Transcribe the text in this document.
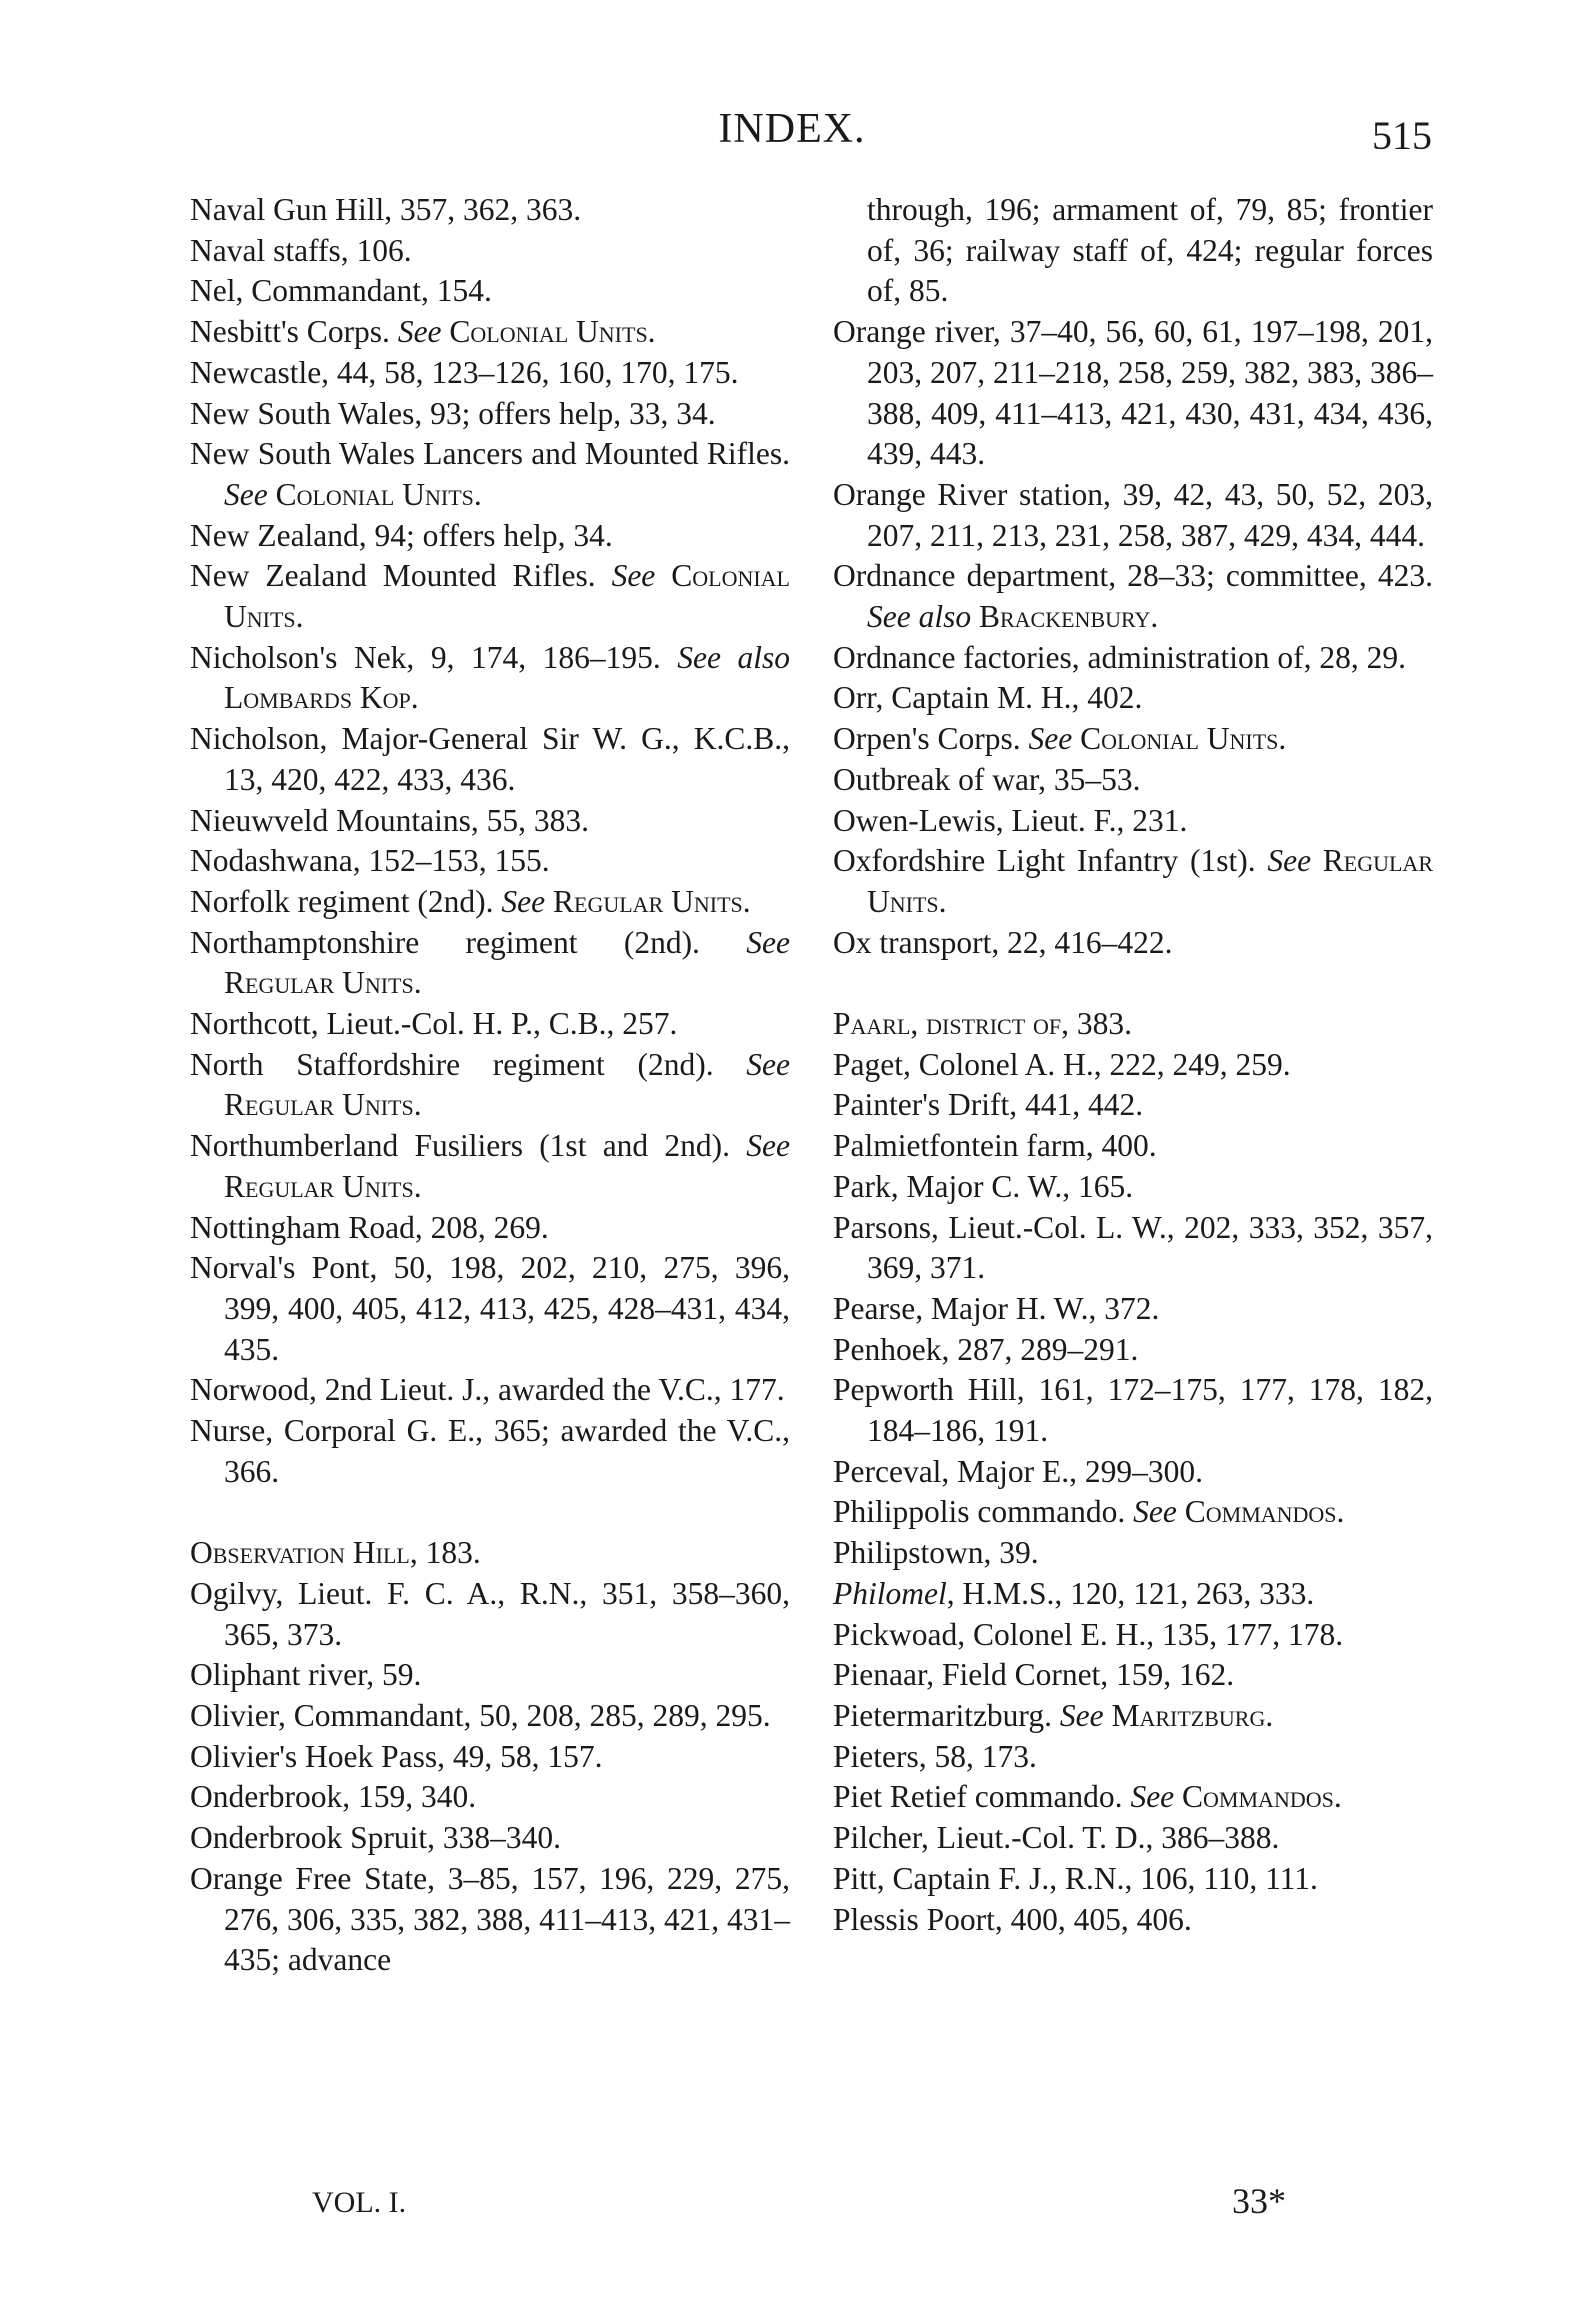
INDEX.	515
Naval Gun Hill, 357, 362, 363.
Naval staffs, 106.
Nel, Commandant, 154.
Nesbitt's Corps. See Colonial Units.
Newcastle, 44, 58, 123–126, 160, 170, 175.
New South Wales, 93; offers help, 33, 34.
New South Wales Lancers and Mounted Rifles. See Colonial Units.
New Zealand, 94; offers help, 34.
New Zealand Mounted Rifles. See Colonial Units.
Nicholson's Nek, 9, 174, 186–195. See also Lombards Kop.
Nicholson, Major-General Sir W. G., K.C.B., 13, 420, 422, 433, 436.
Nieuwveld Mountains, 55, 383.
Nodashwana, 152–153, 155.
Norfolk regiment (2nd). See Regular Units.
Northamptonshire regiment (2nd). See Regular Units.
Northcott, Lieut.-Col. H. P., C.B., 257.
North Staffordshire regiment (2nd). See Regular Units.
Northumberland Fusiliers (1st and 2nd). See Regular Units.
Nottingham Road, 208, 269.
Norval's Pont, 50, 198, 202, 210, 275, 396, 399, 400, 405, 412, 413, 425, 428–431, 434, 435.
Norwood, 2nd Lieut. J., awarded the V.C., 177.
Nurse, Corporal G. E., 365; awarded the V.C., 366.
Observation Hill, 183.
Ogilvy, Lieut. F. C. A., R.N., 351, 358–360, 365, 373.
Oliphant river, 59.
Olivier, Commandant, 50, 208, 285, 289, 295.
Olivier's Hoek Pass, 49, 58, 157.
Onderbrook, 159, 340.
Onderbrook Spruit, 338–340.
Orange Free State, 3–85, 157, 196, 229, 275, 276, 306, 335, 382, 388, 411–413, 421, 431–435; advance
through, 196; armament of, 79, 85; frontier of, 36; railway staff of, 424; regular forces of, 85.
Orange river, 37–40, 56, 60, 61, 197–198, 201, 203, 207, 211–218, 258, 259, 382, 383, 386–388, 409, 411–413, 421, 430, 431, 434, 436, 439, 443.
Orange River station, 39, 42, 43, 50, 52, 203, 207, 211, 213, 231, 258, 387, 429, 434, 444.
Ordnance department, 28–33; committee, 423. See also Brackenbury.
Ordnance factories, administration of, 28, 29.
Orr, Captain M. H., 402.
Orpen's Corps. See Colonial Units.
Outbreak of war, 35–53.
Owen-Lewis, Lieut. F., 231.
Oxfordshire Light Infantry (1st). See Regular Units.
Ox transport, 22, 416–422.
Paarl, district of, 383.
Paget, Colonel A. H., 222, 249, 259.
Painter's Drift, 441, 442.
Palmietfontein farm, 400.
Park, Major C. W., 165.
Parsons, Lieut.-Col. L. W., 202, 333, 352, 357, 369, 371.
Pearse, Major H. W., 372.
Penhoek, 287, 289–291.
Pepworth Hill, 161, 172–175, 177, 178, 182, 184–186, 191.
Perceval, Major E., 299–300.
Philippolis commando. See Commandos.
Philipstown, 39.
Philomel, H.M.S., 120, 121, 263, 333.
Pickwoad, Colonel E. H., 135, 177, 178.
Pienaar, Field Cornet, 159, 162.
Pietermaritzburg. See Maritzburg.
Pieters, 58, 173.
Piet Retief commando. See Commandos.
Pilcher, Lieut.-Col. T. D., 386–388.
Pitt, Captain F. J., R.N., 106, 110, 111.
Plessis Poort, 400, 405, 406.
VOL. I.	33*
